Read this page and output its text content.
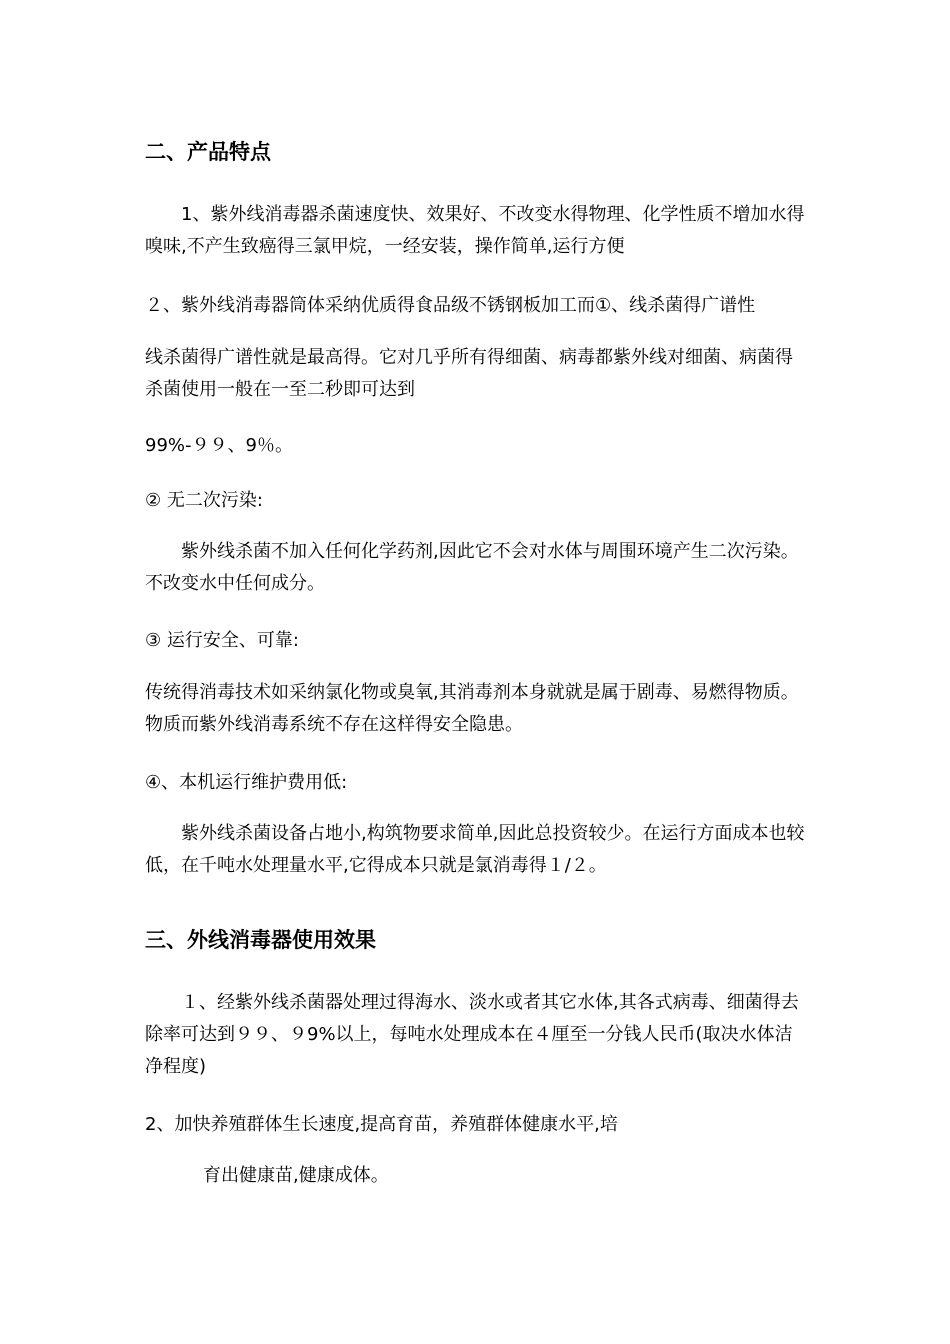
二、产品特点

1、紫外线消毒器杀菌速度快、效果好、不改变水得物理、化学性质不增加水得嗅味,不产生致癌得三氯甲烷，一经安装，操作简单,运行方便

２、紫外线消毒器筒体采纳优质得食品级不锈钢板加工而①、线杀菌得广谱性

线杀菌得广谱性就是最高得。它对几乎所有得细菌、病毒都紫外线对细菌、病菌得杀菌使用一般在一至二秒即可达到

99%-９９、9％。

② 无二次污染:

紫外线杀菌不加入任何化学药剂,因此它不会对水体与周围环境产生二次污染。不改变水中任何成分。

③ 运行安全、可靠:

传统得消毒技术如采纳氯化物或臭氧,其消毒剂本身就就是属于剧毒、易燃得物质。物质而紫外线消毒系统不存在这样得安全隐患。

④、本机运行维护费用低:

紫外线杀菌设备占地小,构筑物要求简单,因此总投资较少。在运行方面成本也较低，在千吨水处理量水平,它得成本只就是氯消毒得１/２。

三、外线消毒器使用效果

１、经紫外线杀菌器处理过得海水、淡水或者其它水体,其各式病毒、细菌得去除率可达到９９、９9%以上，每吨水处理成本在４厘至一分钱人民币(取决水体洁净程度)

2、加快养殖群体生长速度,提高育苗，养殖群体健康水平,培

育出健康苗,健康成体。
